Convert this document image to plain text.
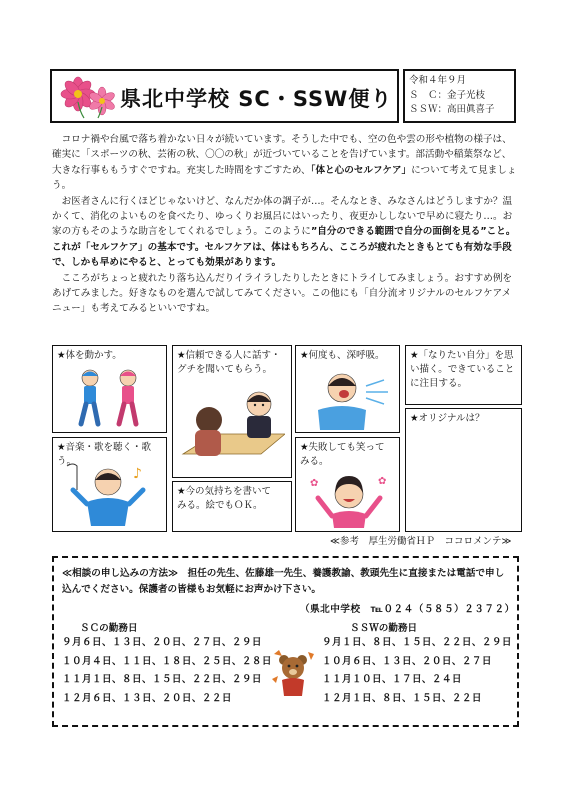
県北中学校 SC・SSW便り
令和４年９月
Ｓ　Ｃ：金子光枝
ＳＳＷ：高田眞喜子

コロナ禍や台風で落ち着かない日々が続いています。そうした中でも、空の色や雲の形や植物の様子は、確実に「スポーツの秋、芸術の秋、〇〇の秋」が近づいていることを告げています。部活動や稲葉祭など、大きな行事ももうすぐですね。充実した時間をすごすため、「体と心のセルフケア」について考えて見ましょう。

お医者さんに行くほどじゃないけど、なんだか体の調子が…。そんなとき、みなさんはどうしますか？温かくて、消化のよいものを食べたり、ゆっくりお風呂にはいったり、夜更かししないで早めに寝たり…。お家の方もそのような助言をしてくれるでしょう。このように”自分のできる範囲で自分の面倒を見る”こと。これが「セルフケア」の基本です。セルフケアは、体はもちろん、こころが疲れたときもとても有効な手段で、しかも早めにやると、とっても効果があります。

こころがちょっと疲れたり落ち込んだりイライラしたりしたときにトライしてみましょう。おすすめ例をあげてみました。好きなものを選んで試してみてください。この他にも「自分流オリジナルのセルフケアメニュー」も考えてみるといいですね。

★体を動かす。	★信頼できる人に話す・
グチを聞いてもらう。
★何度も、深呼吸。	★「なりたい自分」を思
い描く。できていること
に注目する。
★オリジナルは？
★音楽・歌を聴く・歌う。
♪
★今の気持ちを書いて
みる。絵でもＯＫ。
★失敗しても笑って
みる。
✿	✿
≪参考　厚生労働省ＨＰ　ココロメンテ≫
≪相談の申し込みの方法≫　担任の先生、佐藤雄一先生、養護教諭、教頭先生に直接または電話で申し込んでください。保護者の皆様もお気軽にお声かけ下さい。
（県北中学校　℡０２４（５８５）２３７２）
ＳＣの勤務日
９月６日、１３日、２０日、２７日、２９日
１０月４日、１１日、１８日、２５日、２８日
１１月１日、８日、１５日、２２日、２９日
１２月６日、１３日、２０日、２２日
ＳＳＷの勤務日
９月１日、８日、１５日、２２日、２９日
１０月６日、１３日、２０日、２７日
１１月１０日、１７日、２４日
１２月１日、８日、１５日、２２日
